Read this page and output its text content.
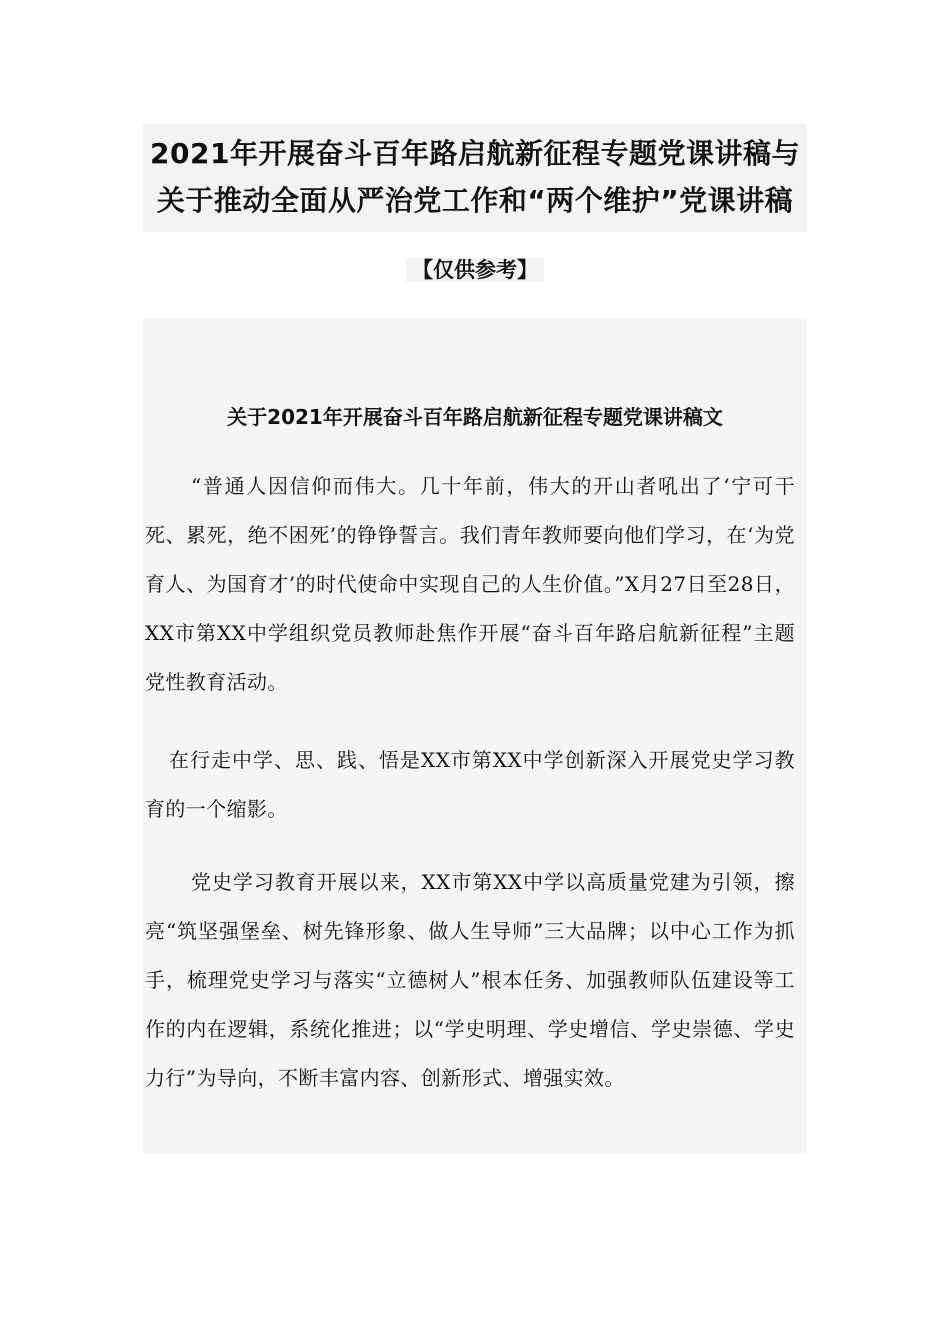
2021年开展奋斗百年路启航新征程专题党课讲稿与
关于推动全面从严治党工作和“两个维护”党课讲稿
【仅供参考】
关于2021年开展奋斗百年路启航新征程专题党课讲稿文

“普通人因信仰而伟大。几十年前，伟大的开山者吼出了‘宁可干死、累死，绝不困死’的铮铮誓言。我们青年教师要向他们学习，在‘为党育人、为国育才’的时代使命中实现自己的人生价值。”X月27日至28日，XX市第XX中学组织党员教师赴焦作开展“奋斗百年路启航新征程”主题党性教育活动。

在行走中学、思、践、悟是XX市第XX中学创新深入开展党史学习教育的一个缩影。

党史学习教育开展以来，XX市第XX中学以高质量党建为引领，擦亮“筑坚强堡垒、树先锋形象、做人生导师”三大品牌；以中心工作为抓手，梳理党史学习与落实“立德树人”根本任务、加强教师队伍建设等工作的内在逻辑，系统化推进；以“学史明理、学史增信、学史崇德、学史力行”为导向，不断丰富内容、创新形式、增强实效。
